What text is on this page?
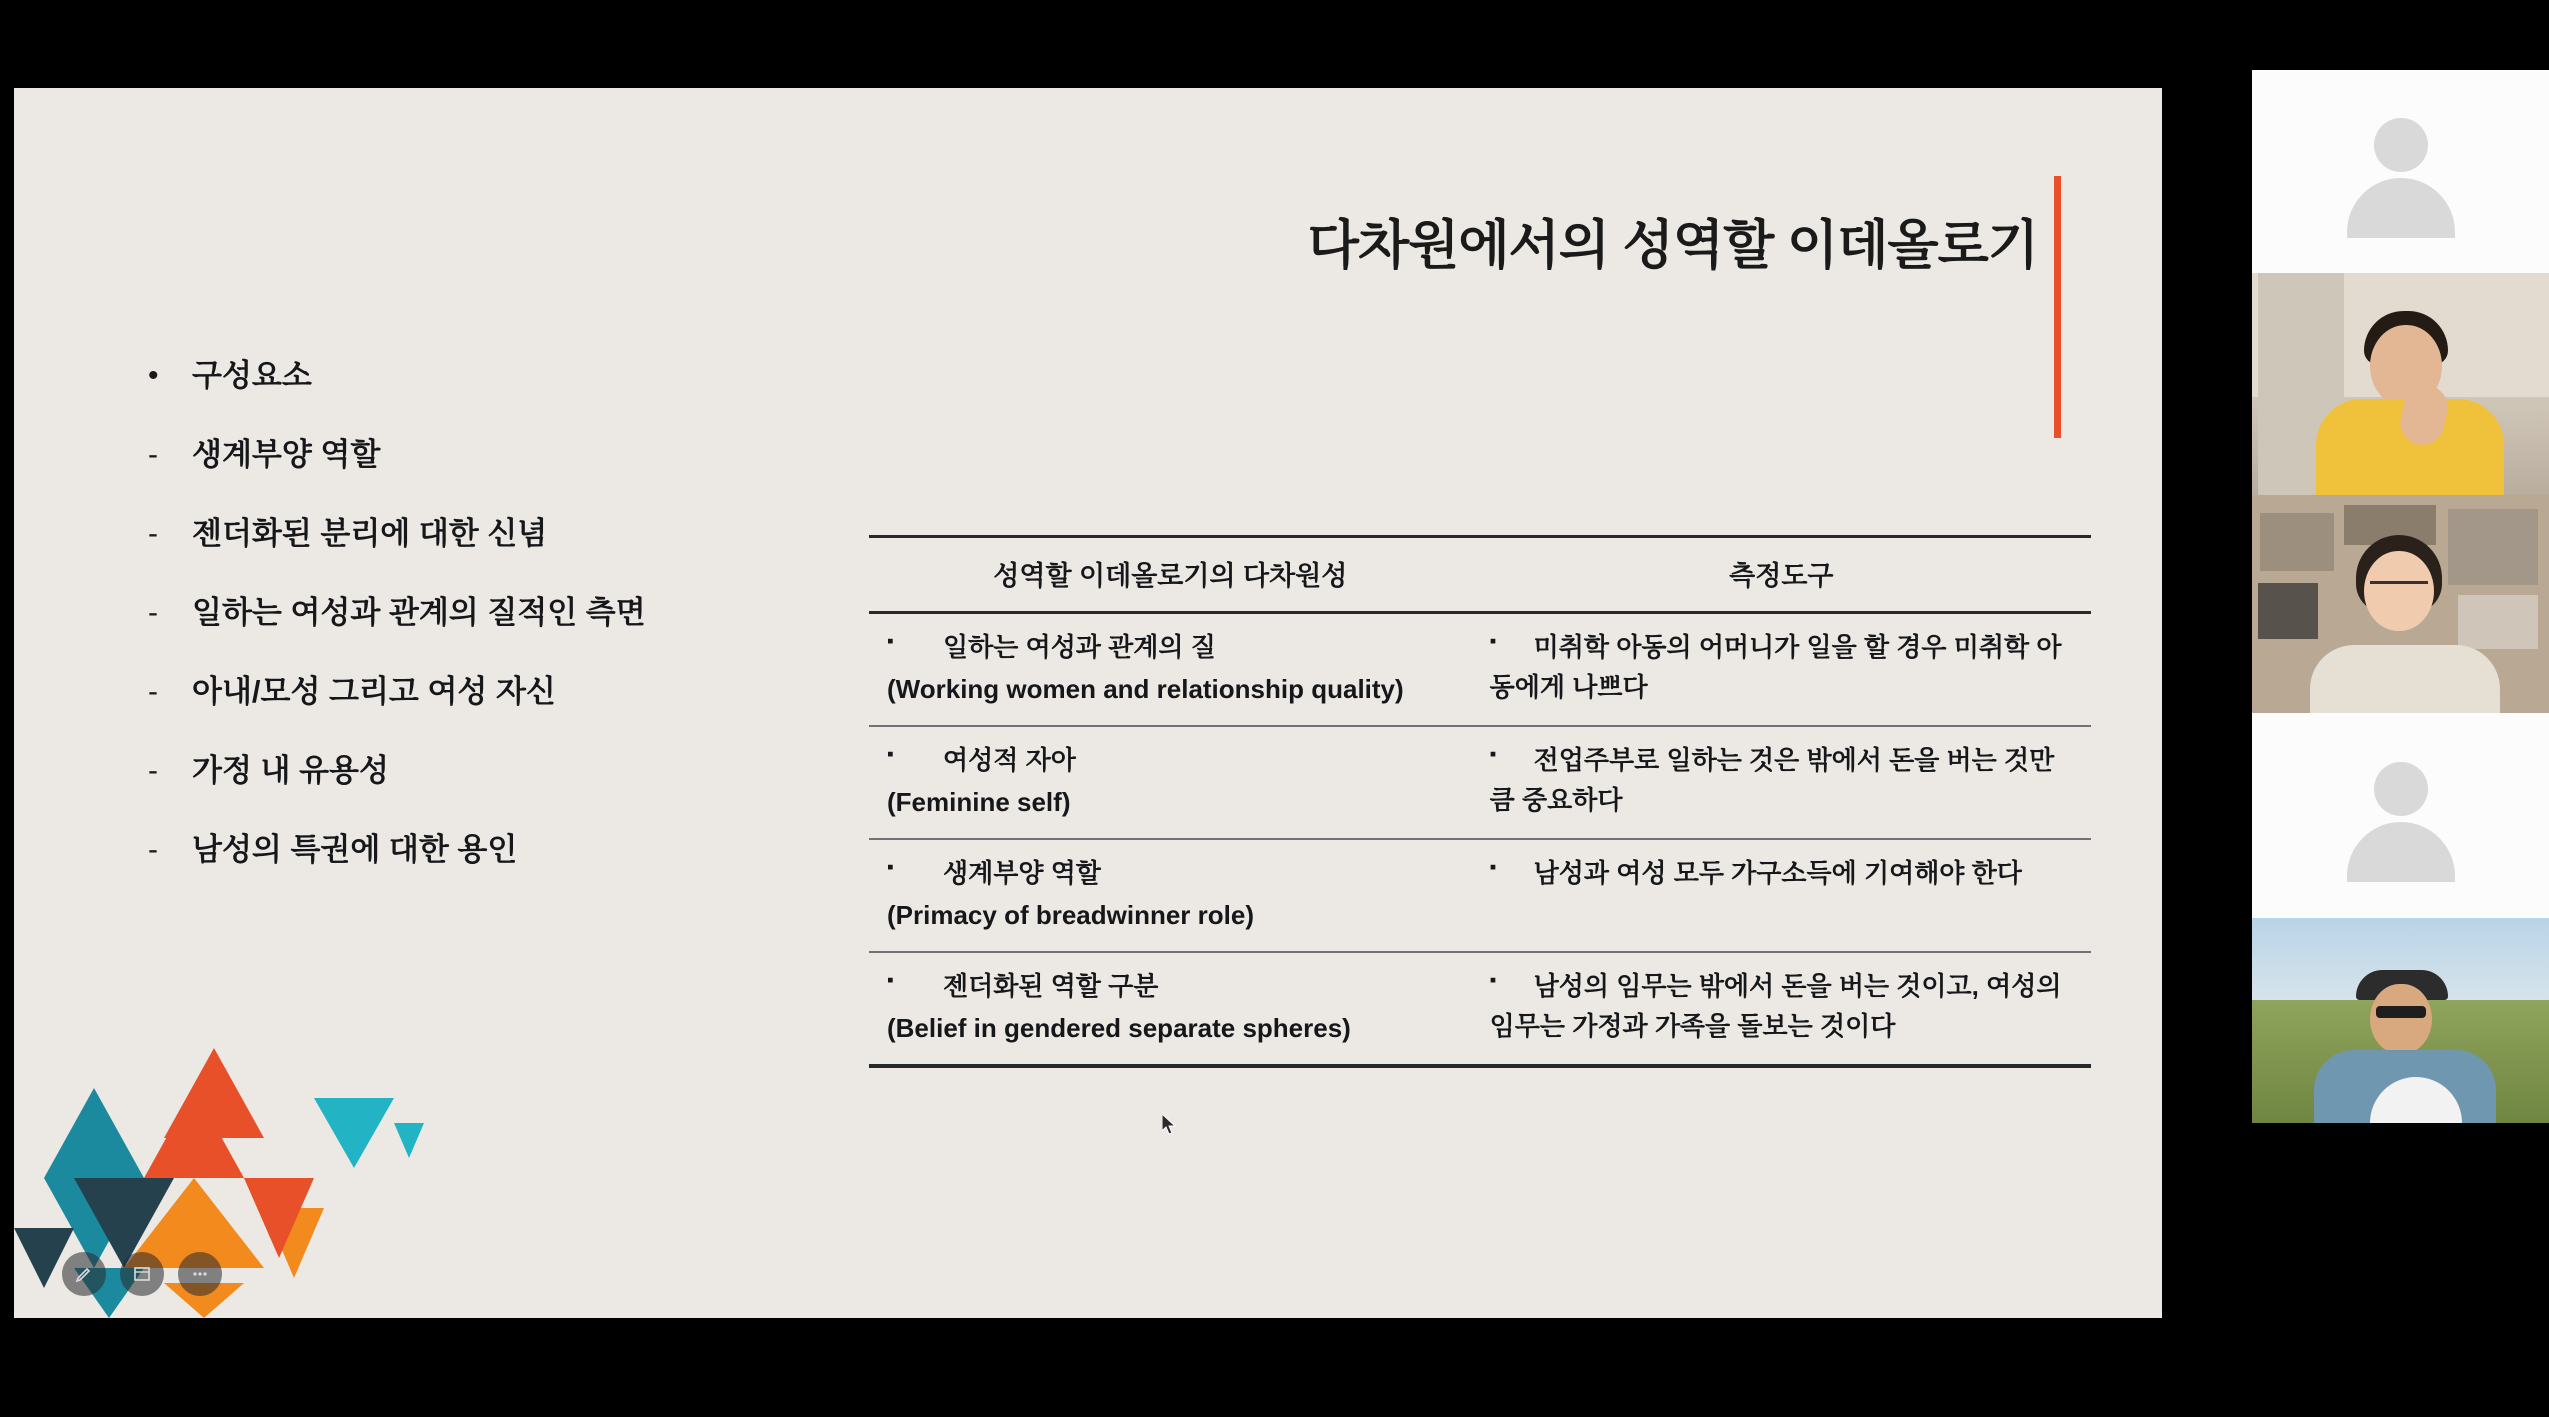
다차원에서의 성역할 이데올로기
•	구성요소
-	생계부양 역할
-	젠더화된 분리에 대한 신념
-	일하는 여성과 관계의 질적인 측면
-	아내/모성 그리고 여성 자신
-	가정 내 유용성
-	남성의 특권에 대한 용인
성역할 이데올로기의 다차원성	측정도구
▪ 일하는 여성과 관계의 질
(Working women and relationship quality)	▪ 미취학 아동의 어머니가 일을 할 경우 미취학 아동에게 나쁘다
▪ 여성적 자아
(Feminine self)	▪ 전업주부로 일하는 것은 밖에서 돈을 버는 것만큼 중요하다
▪ 생계부양 역할
(Primacy of breadwinner role)	▪ 남성과 여성 모두 가구소득에 기여해야 한다
▪ 젠더화된 역할 구분
(Belief in gendered separate spheres)	▪ 남성의 임무는 밖에서 돈을 버는 것이고, 여성의 임무는 가정과 가족을 돌보는 것이다
